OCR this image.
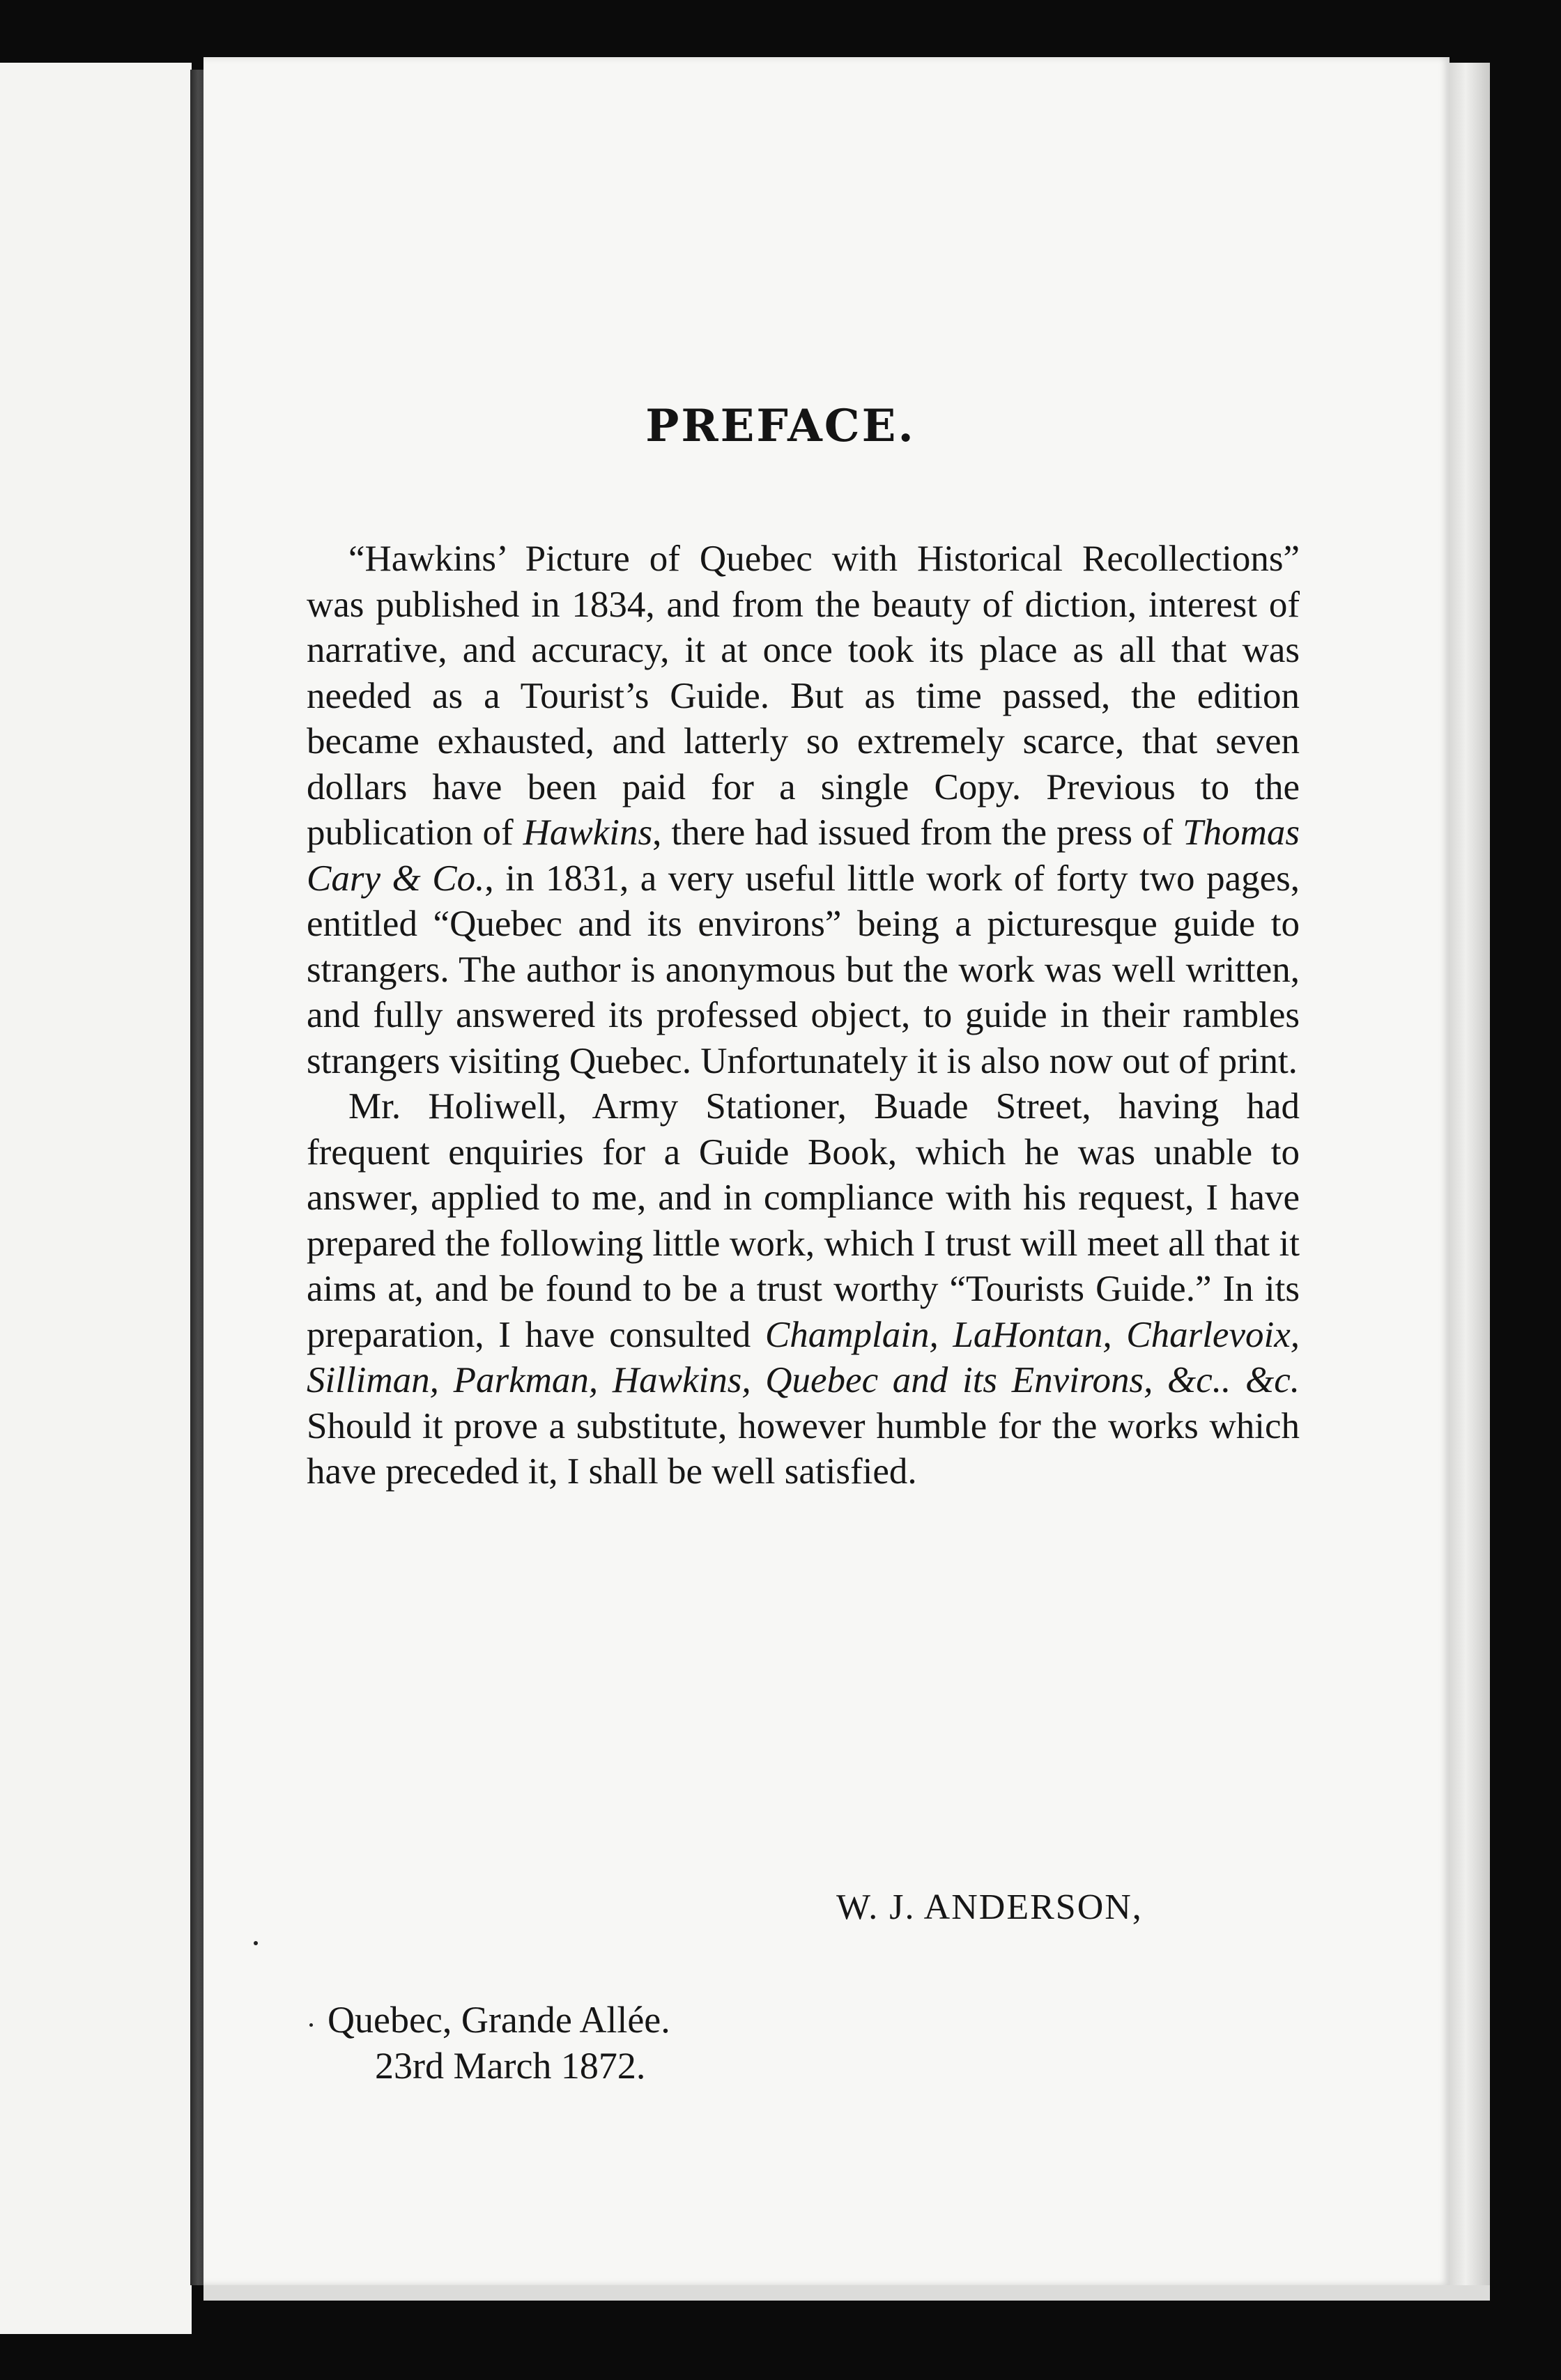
PREFACE.

“Hawkins’ Picture of Quebec with Historical Recollections” was published in 1834, and from the beauty of diction, interest of narrative, and accuracy, it at once took its place as all that was needed as a Tourist’s Guide. But as time passed, the edition became exhausted, and latterly so extremely scarce, that seven dollars have been paid for a single Copy. Previous to the publication of Hawkins, there had issued from the press of Thomas Cary & Co., in 1831, a very useful little work of forty two pages, entitled “Quebec and its environs” being a picturesque guide to strangers. The author is anonymous but the work was well written, and fully answered its professed object, to guide in their rambles strangers visiting Quebec. Unfortunately it is also now out of print.

Mr. Holiwell, Army Stationer, Buade Street, having had frequent enquiries for a Guide Book, which he was unable to answer, applied to me, and in compliance with his request, I have prepared the following little work, which I trust will meet all that it aims at, and be found to be a trust worthy “Tourists Guide.” In its preparation, I have consulted Champlain, LaHontan, Charlevoix, Silliman, Parkman, Hawkins, Quebec and its Environs, &c.. &c. Should it prove a substitute, however humble for the works which have preceded it, I shall be well satisfied.

W. J. ANDERSON,
Quebec, Grande Allée.
23rd March 1872.
